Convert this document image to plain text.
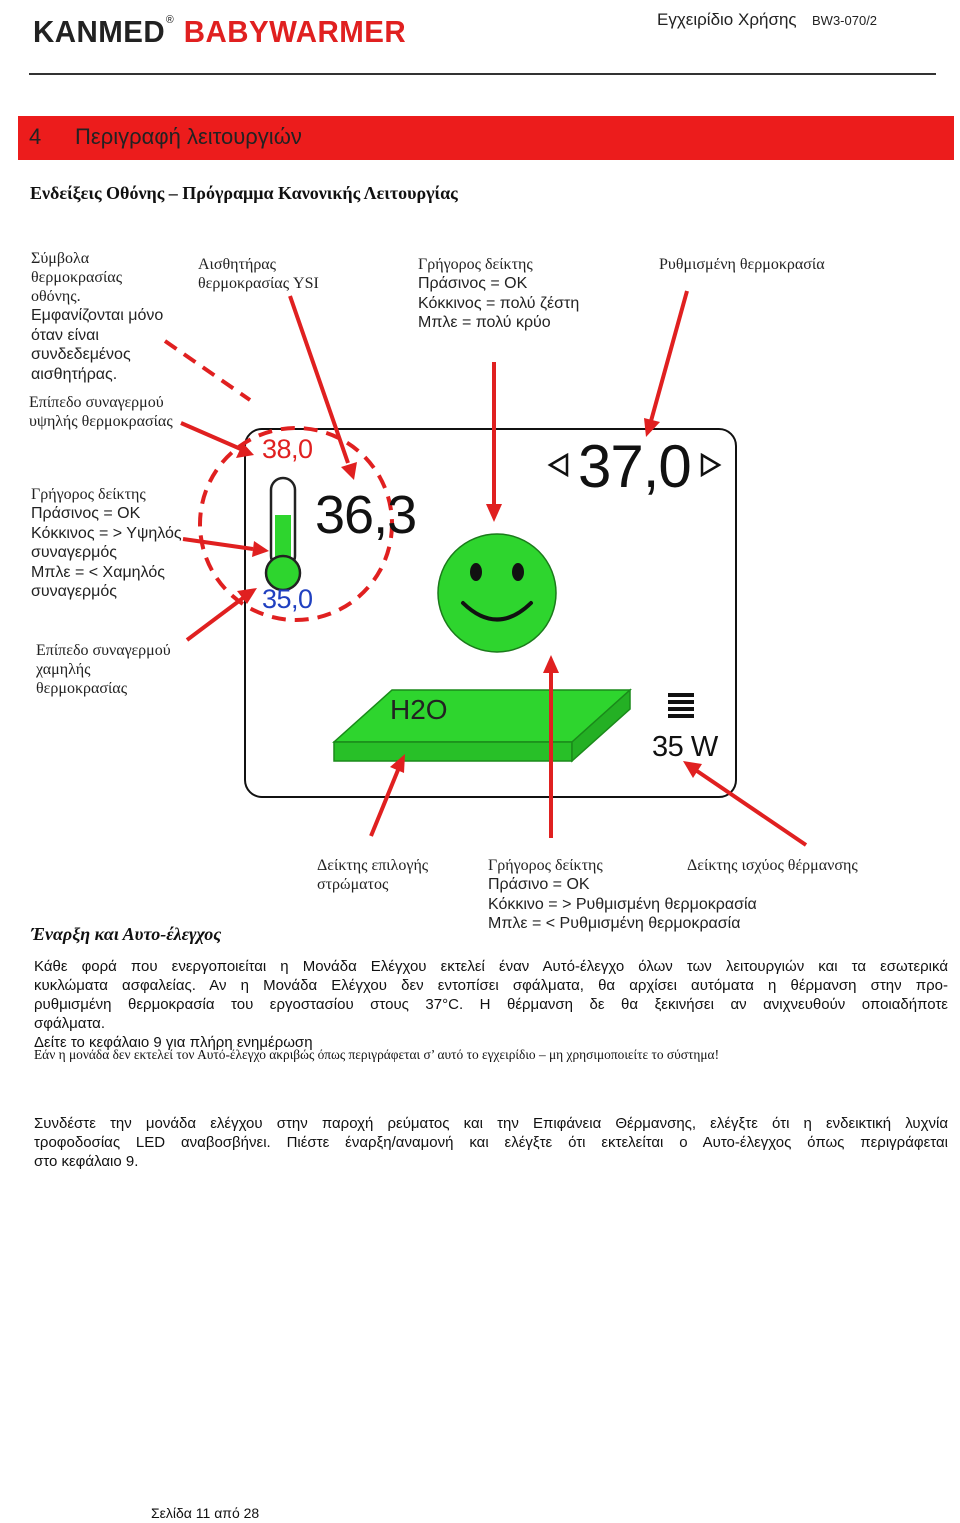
KANMED® BABYWARMER	Εγχειρίδιο Χρήσης BW3-070/2
4 Περιγραφή λειτουργιών
Ενδείξεις Οθόνης – Πρόγραμμα Κανονικής Λειτουργίας
Σύμβολα
θερμοκρασίας
οθόνης.
Εμφανίζονται μόνο
όταν είναι
συνδεδεμένος
αισθητήρας.
Επίπεδο συναγερμού
υψηλής θερμοκρασίας
Αισθητήρας
θερμοκρασίας YSI
Γρήγορος δείκτης
Πράσινος = ΟΚ
Κόκκινος = πολύ ζέστη
Μπλε = πολύ κρύο
Ρυθμισμένη θερμοκρασία
Γρήγορος δείκτης
Πράσινος = ΟΚ
Κόκκινος = > Υψηλός
συναγερμός
Μπλε = < Χαμηλός
συναγερμός
Επίπεδο συναγερμού
χαμηλής
θερμοκρασίας
Δείκτης επιλογής
στρώματος
Γρήγορος δείκτης
Πράσινο = ΟΚ
Κόκκινο = > Ρυθμισμένη θερμοκρασία
Μπλε = < Ρυθμισμένη θερμοκρασία
Δείκτης ισχύος θέρμανσης
38,0
35,0
36,3
37,0
H2O
35 W
Έναρξη και Αυτο-έλεγχος
Κάθε φορά που ενεργοποιείται η Μονάδα Ελέγχου εκτελεί έναν Αυτό-έλεγχο όλων των λειτουργιών και τα εσωτερικά
κυκλώματα ασφαλείας. Αν η Μονάδα Ελέγχου δεν εντοπίσει σφάλματα, θα αρχίσει αυτόματα η θέρμανση στην προ-
ρυθμισμένη θερμοκρασία του εργοστασίου στους 37°C. Η θέρμανση δε θα ξεκινήσει αν ανιχνευθούν οποιαδήποτε
σφάλματα.
Δείτε το κεφάλαιο 9 για πλήρη ενημέρωση
Εάν η μονάδα δεν εκτελεί τον Αυτό-έλεγχο ακριβώς όπως περιγράφεται σ’ αυτό το εγχειρίδιο – μη χρησιμοποιείτε το σύστημα!
Συνδέστε την μονάδα ελέγχου στην παροχή ρεύματος και την Επιφάνεια Θέρμανσης, ελέγξτε ότι η ενδεικτική λυχνία
τροφοδοσίας LED αναβοσβήνει. Πιέστε έναρξη/αναμονή και ελέγξτε ότι εκτελείται ο Αυτο-έλεγχος όπως περιγράφεται
στο κεφάλαιο 9.
Σελίδα 11 από 28
